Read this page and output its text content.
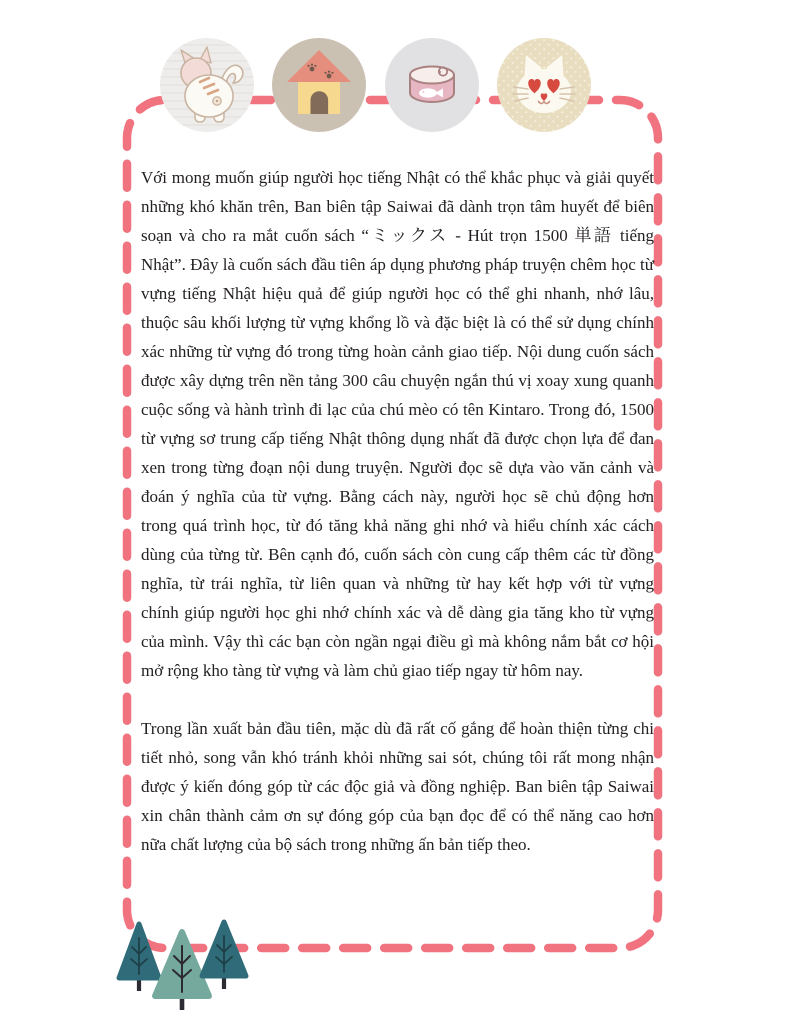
Với mong muốn giúp người học tiếng Nhật có thể khắc phục và giải quyết những khó khăn trên, Ban biên tập Saiwai đã dành trọn tâm huyết để biên soạn và cho ra mắt cuốn sách “ミックス - Hút trọn 1500 単語 tiếng Nhật”. Đây là cuốn sách đầu tiên áp dụng phương pháp truyện chêm học từ vựng tiếng Nhật hiệu quả để giúp người học có thể ghi nhanh, nhớ lâu, thuộc sâu khối lượng từ vựng khổng lồ và đặc biệt là có thể sử dụng chính xác những từ vựng đó trong từng hoàn cảnh giao tiếp. Nội dung cuốn sách được xây dựng trên nền tảng 300 câu chuyện ngắn thú vị xoay xung quanh cuộc sống và hành trình đi lạc của chú mèo có tên Kintaro. Trong đó, 1500 từ vựng sơ trung cấp tiếng Nhật thông dụng nhất đã được chọn lựa để đan xen trong từng đoạn nội dung truyện. Người đọc sẽ dựa vào văn cảnh và đoán ý nghĩa của từ vựng. Bằng cách này, người học sẽ chủ động hơn trong quá trình học, từ đó tăng khả năng ghi nhớ và hiểu chính xác cách dùng của từng từ. Bên cạnh đó, cuốn sách còn cung cấp thêm các từ đồng nghĩa, từ trái nghĩa, từ liên quan và những từ hay kết hợp với từ vựng chính giúp người học ghi nhớ chính xác và dễ dàng gia tăng kho từ vựng của mình. Vậy thì các bạn còn ngần ngại điều gì mà không nắm bắt cơ hội mở rộng kho tàng từ vựng và làm chủ giao tiếp ngay từ hôm nay.

Trong lần xuất bản đầu tiên, mặc dù đã rất cố gắng để hoàn thiện từng chi tiết nhỏ, song vẫn khó tránh khỏi những sai sót, chúng tôi rất mong nhận được ý kiến đóng góp từ các độc giả và đồng nghiệp. Ban biên tập Saiwai xin chân thành cảm ơn sự đóng góp của bạn đọc để có thể năng cao hơn nữa chất lượng của bộ sách trong những ấn bản tiếp theo.
